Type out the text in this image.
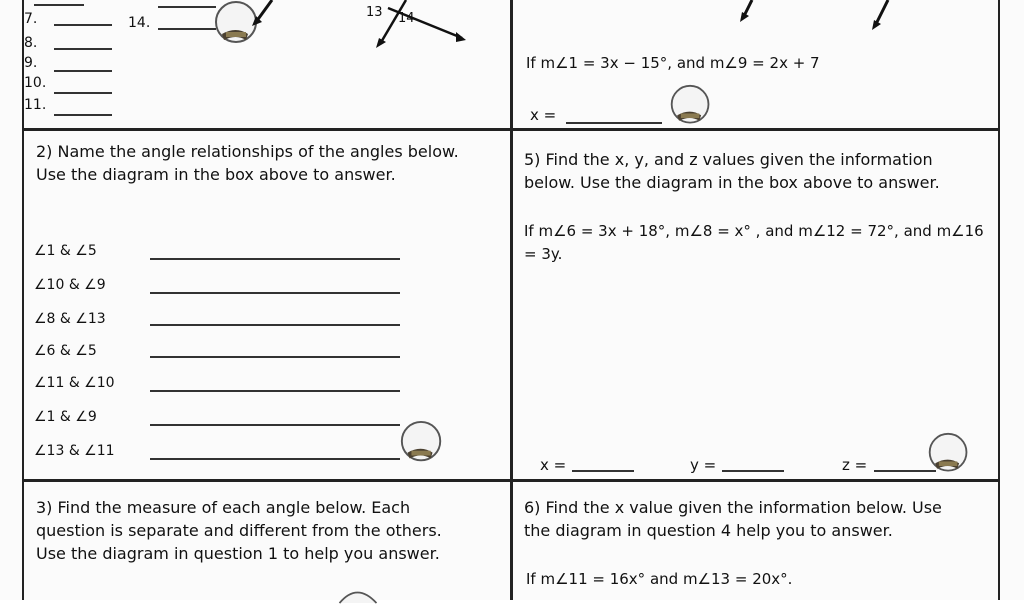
7.
8.
9.
10.
11.
14.
13 14
If m∠1 = 3x − 15°, and m∠9 = 2x + 7
x =
2) Name the angle relationships of the angles below. Use the diagram in the box above to answer.
∠1 & ∠5
∠10 & ∠9
∠8 & ∠13
∠6 & ∠5
∠11 & ∠10
∠1 & ∠9
∠13 & ∠11
5) Find the x, y, and z values given the information below. Use the diagram in the box above to answer.
If m∠6 = 3x + 18°, m∠8 = x° , and m∠12 = 72°, and m∠16 = 3y.
x =	y =	z =
3) Find the measure of each angle below. Each question is separate and different from the others. Use the diagram in question 1 to help you answer.
6) Find the x value given the information below. Use the diagram in question 4 help you to answer.
If m∠11 = 16x° and m∠13 = 20x°.
